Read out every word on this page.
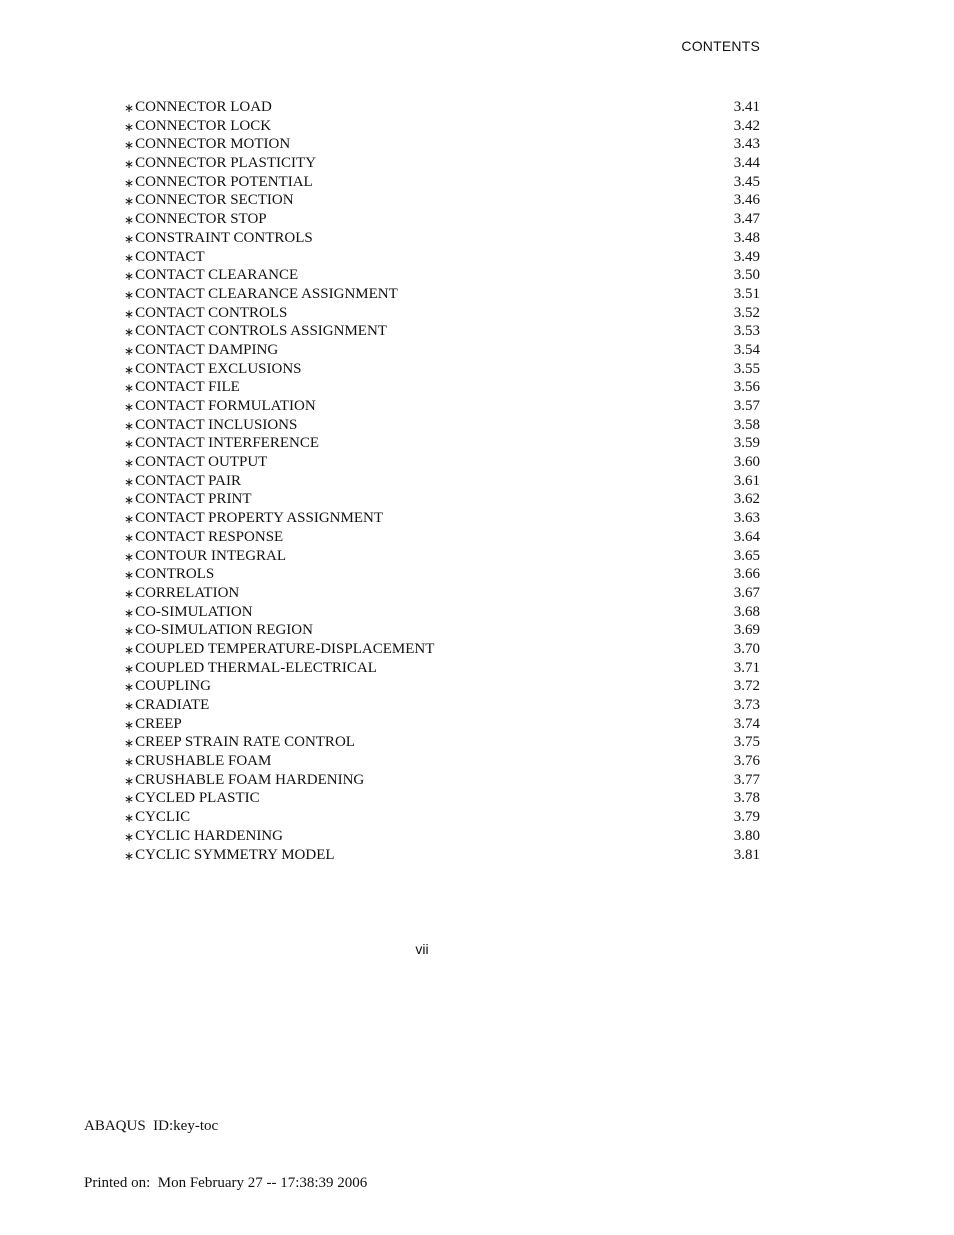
CONTENTS
∗ CONNECTOR LOAD	3.41
∗ CONNECTOR LOCK	3.42
∗ CONNECTOR MOTION	3.43
∗ CONNECTOR PLASTICITY	3.44
∗ CONNECTOR POTENTIAL	3.45
∗ CONNECTOR SECTION	3.46
∗ CONNECTOR STOP	3.47
∗ CONSTRAINT CONTROLS	3.48
∗ CONTACT	3.49
∗ CONTACT CLEARANCE	3.50
∗ CONTACT CLEARANCE ASSIGNMENT	3.51
∗ CONTACT CONTROLS	3.52
∗ CONTACT CONTROLS ASSIGNMENT	3.53
∗ CONTACT DAMPING	3.54
∗ CONTACT EXCLUSIONS	3.55
∗ CONTACT FILE	3.56
∗ CONTACT FORMULATION	3.57
∗ CONTACT INCLUSIONS	3.58
∗ CONTACT INTERFERENCE	3.59
∗ CONTACT OUTPUT	3.60
∗ CONTACT PAIR	3.61
∗ CONTACT PRINT	3.62
∗ CONTACT PROPERTY ASSIGNMENT	3.63
∗ CONTACT RESPONSE	3.64
∗ CONTOUR INTEGRAL	3.65
∗ CONTROLS	3.66
∗ CORRELATION	3.67
∗ CO-SIMULATION	3.68
∗ CO-SIMULATION REGION	3.69
∗ COUPLED TEMPERATURE-DISPLACEMENT	3.70
∗ COUPLED THERMAL-ELECTRICAL	3.71
∗ COUPLING	3.72
∗ CRADIATE	3.73
∗ CREEP	3.74
∗ CREEP STRAIN RATE CONTROL	3.75
∗ CRUSHABLE FOAM	3.76
∗ CRUSHABLE FOAM HARDENING	3.77
∗ CYCLED PLASTIC	3.78
∗ CYCLIC	3.79
∗ CYCLIC HARDENING	3.80
∗ CYCLIC SYMMETRY MODEL	3.81
vii

ABAQUS  ID:key-toc

Printed on:  Mon February 27 -- 17:38:39 2006
